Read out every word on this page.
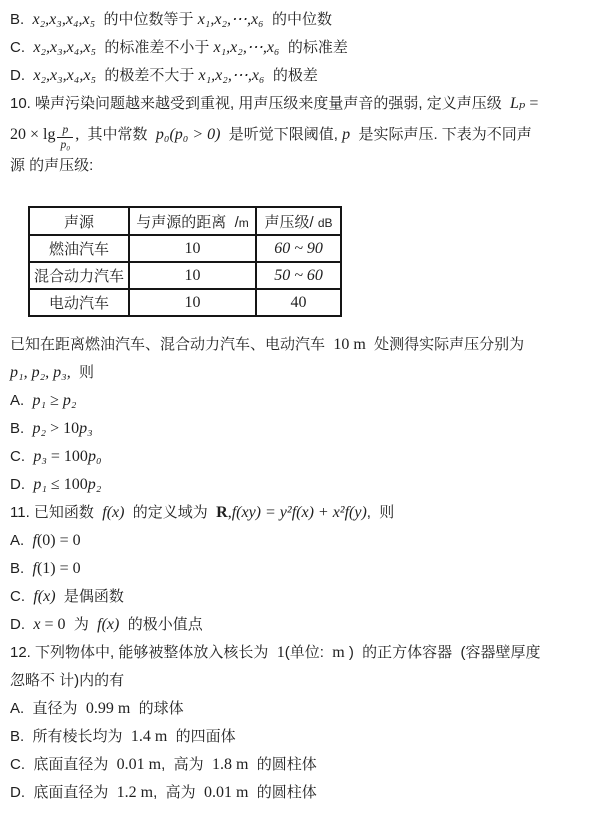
B.  x₂,x₃,x₄,x₅  的中位数等于 x₁,x₂,⋯,x₆  的中位数
C.  x₂,x₃,x₄,x₅  的标准差不小于 x₁,x₂,⋯,x₆  的标准差
D.  x₂,x₃,x₄,x₅  的极差不大于 x₁,x₂,⋯,x₆  的极差
10. 噪声污染问题越来越受到重视, 用声压级来度量声音的强弱, 定义声压级  Lₚ =
$20 \times \lg \frac{p}{\text{p₀}}$ ,  其中常数  p₀(p₀ > 0)  是听觉下限阈值, p  是实际声压. 下表为不同声
源 的声压级:
声源	与声源的距离  /m	声压级/ dB
燃油汽车	10	60 ~ 90
混合动力汽车	10	50 ~ 60
电动汽车	10	40
已知在距离燃油汽车、混合动力汽车、电动汽车  10 m  处测得实际声压分别为
p₁, p₂, p₃,  则
A.  p₁ ≥ p₂
B.  p₂ > 10p₃
C.  p₃ = 100p₀
D.  p₁ ≤ 100p₂
11. 已知函数  f(x)  的定义域为  R,f(xy) = y²f(x) + x²f(y),  则
A.  f(0) = 0
B.  f(1) = 0
C.  f(x)  是偶函数
D.  x = 0  为  f(x)  的极小值点
12. 下列物体中, 能够被整体放入核长为  1(单位:  m )  的正方体容器  (容器壁厚度
忽略不 计)内的有
A.  直径为  0.99 m  的球体
B.  所有棱长均为  1.4 m  的四面体
C.  底面直径为  0.01 m,  高为  1.8 m  的圆柱体
D.  底面直径为  1.2 m,  高为  0.01 m  的圆柱体
